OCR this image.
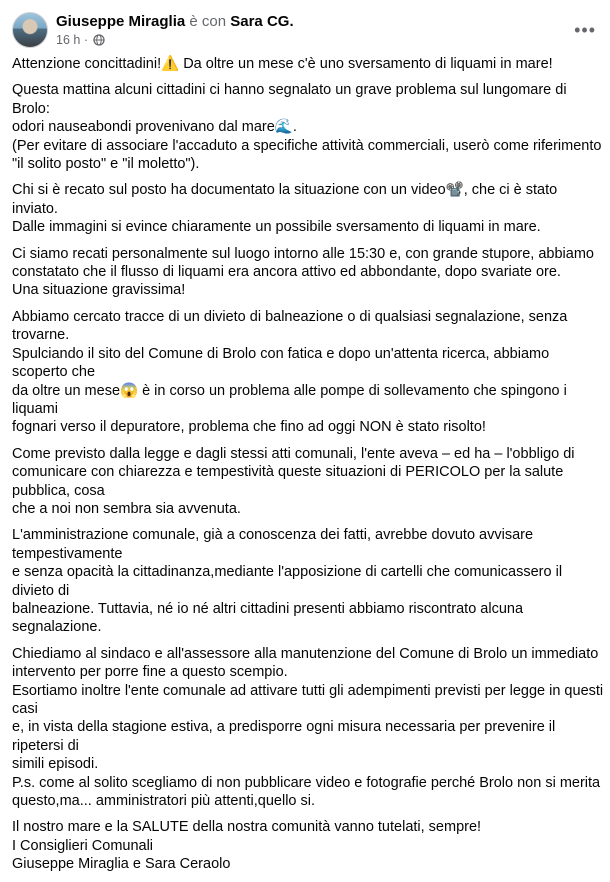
Giuseppe Miraglia è con Sara CG.
16 h ·	•••

Attenzione concittadini!⚠️ Da oltre un mese c'è uno sversamento di liquami in mare!

Questa mattina alcuni cittadini ci hanno segnalato un grave problema sul lungomare di Brolo:
odori nauseabondi provenivano dal mare🌊.
(Per evitare di associare l'accaduto a specifiche attività commerciali, userò come riferimento
"il solito posto" e "il moletto").

Chi si è recato sul posto ha documentato la situazione con un video📽️, che ci è stato inviato.
Dalle immagini si evince chiaramente un possibile sversamento di liquami in mare.

Ci siamo recati personalmente sul luogo intorno alle 15:30 e, con grande stupore, abbiamo
constatato che il flusso di liquami era ancora attivo ed abbondante, dopo svariate ore.
Una situazione gravissima!

Abbiamo cercato tracce di un divieto di balneazione o di qualsiasi segnalazione, senza trovarne.
Spulciando il sito del Comune di Brolo con fatica e dopo un'attenta ricerca, abbiamo scoperto che
da oltre un mese😱 è in corso un problema alle pompe di sollevamento che spingono i liquami
fognari verso il depuratore, problema che fino ad oggi NON è stato risolto!

Come previsto dalla legge e dagli stessi atti comunali, l'ente aveva – ed ha – l'obbligo di
comunicare con chiarezza e tempestività queste situazioni di PERICOLO per la salute pubblica, cosa
che a noi non sembra sia avvenuta.

L'amministrazione comunale, già a conoscenza dei fatti, avrebbe dovuto avvisare tempestivamente
e senza opacità la cittadinanza,mediante l'apposizione di cartelli che comunicassero il divieto di
balneazione. Tuttavia, né io né altri cittadini presenti abbiamo riscontrato alcuna segnalazione.

Chiediamo al sindaco e all'assessore alla manutenzione del Comune di Brolo un immediato
intervento per porre fine a questo scempio.
Esortiamo inoltre l'ente comunale ad attivare tutti gli adempimenti previsti per legge in questi casi
e, in vista della stagione estiva, a predisporre ogni misura necessaria per prevenire il ripetersi di
simili episodi.
P.s. come al solito scegliamo di non pubblicare video e fotografie perché Brolo non si merita
questo,ma... amministratori più attenti,quello si.

Il nostro mare e la SALUTE della nostra comunità vanno tutelati, sempre!
I Consiglieri Comunali
Giuseppe Miraglia e Sara Ceraolo
